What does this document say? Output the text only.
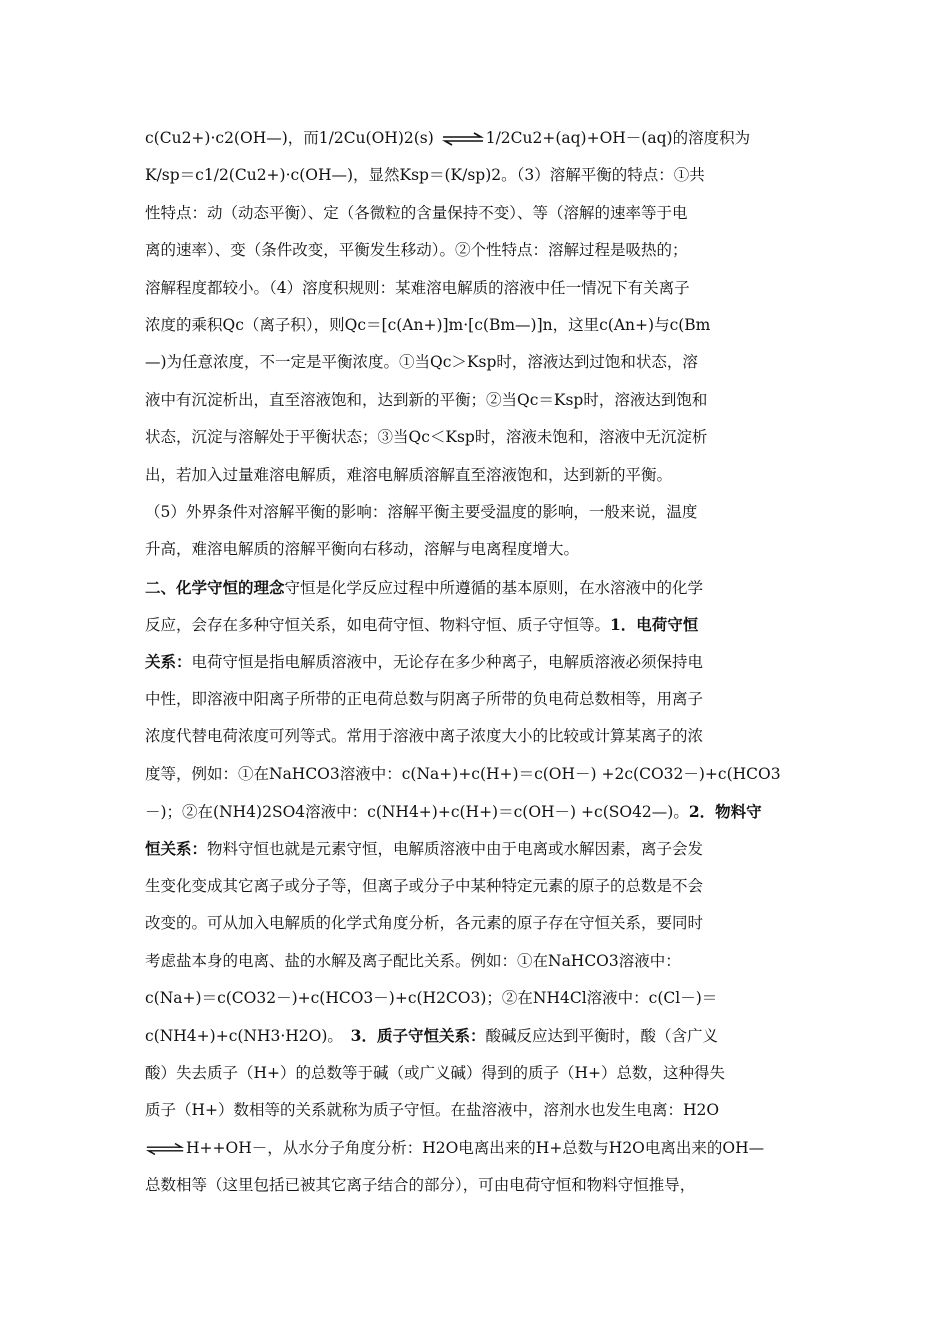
c(Cu2+)·c2(OH—)，而1/2Cu(OH)2(s) ⇌1/2Cu2+(aq)+OH－(aq)的溶度积为
K/sp＝c1/2(Cu2+)·c(OH—)，显然Ksp＝(K/sp)2。（3）溶解平衡的特点：①共
性特点：动（动态平衡）、定（各微粒的含量保持不变）、等（溶解的速率等于电
离的速率）、变（条件改变，平衡发生移动）。②个性特点：溶解过程是吸热的；
溶解程度都较小。（4）溶度积规则：某难溶电解质的溶液中任一情况下有关离子
浓度的乘积Qc（离子积），则Qc＝[c(An+)]m·[c(Bm—)]n，这里c(An+)与c(Bm
—)为任意浓度，不一定是平衡浓度。①当Qc＞Ksp时，溶液达到过饱和状态，溶
液中有沉淀析出，直至溶液饱和，达到新的平衡；②当Qc＝Ksp时，溶液达到饱和
状态，沉淀与溶解处于平衡状态；③当Qc＜Ksp时，溶液未饱和，溶液中无沉淀析
出，若加入过量难溶电解质，难溶电解质溶解直至溶液饱和，达到新的平衡。
（5）外界条件对溶解平衡的影响：溶解平衡主要受温度的影响，一般来说，温度
升高，难溶电解质的溶解平衡向右移动，溶解与电离程度增大。
二、化学守恒的理念守恒是化学反应过程中所遵循的基本原则，在水溶液中的化学
反应，会存在多种守恒关系，如电荷守恒、物料守恒、质子守恒等。1．电荷守恒
关系：电荷守恒是指电解质溶液中，无论存在多少种离子，电解质溶液必须保持电
中性，即溶液中阳离子所带的正电荷总数与阴离子所带的负电荷总数相等，用离子
浓度代替电荷浓度可列等式。常用于溶液中离子浓度大小的比较或计算某离子的浓
度等，例如：①在NaHCO3溶液中：c(Na+)+c(H+)＝c(OH－) +2c(CO32－)+c(HCO3
－)；②在(NH4)2SO4溶液中：c(NH4+)+c(H+)＝c(OH－) +c(SO42—)。2．物料守
恒关系：物料守恒也就是元素守恒，电解质溶液中由于电离或水解因素，离子会发
生变化变成其它离子或分子等，但离子或分子中某种特定元素的原子的总数是不会
改变的。可从加入电解质的化学式角度分析，各元素的原子存在守恒关系，要同时
考虑盐本身的电离、盐的水解及离子配比关系。例如：①在NaHCO3溶液中：
c(Na+)＝c(CO32－)+c(HCO3－)+c(H2CO3)；②在NH4Cl溶液中：c(Cl－)＝
c(NH4+)+c(NH3·H2O)。　3．质子守恒关系：酸碱反应达到平衡时，酸（含广义
酸）失去质子（H+）的总数等于碱（或广义碱）得到的质子（H+）总数，这种得失
质子（H+）数相等的关系就称为质子守恒。在盐溶液中，溶剂水也发生电离：H2O
⇌H++OH－，从水分子角度分析：H2O电离出来的H+总数与H2O电离出来的OH—
总数相等（这里包括已被其它离子结合的部分），可由电荷守恒和物料守恒推导，
